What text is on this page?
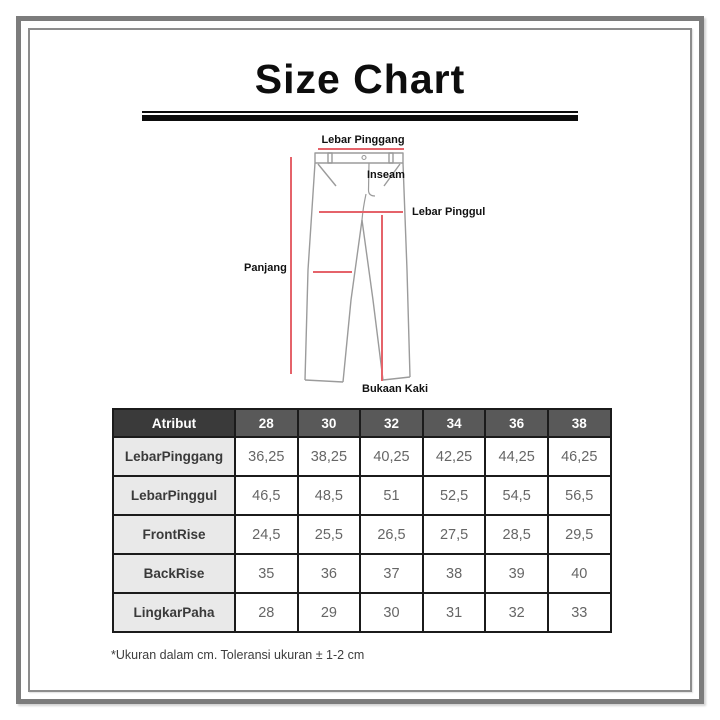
Size Chart
Lebar Pinggang
Inseam
Lebar Pinggul
Panjang
Bukaan Kaki
Atribut	28	30	32	34	36	38
LebarPinggang	36,25	38,25	40,25	42,25	44,25	46,25
LebarPinggul	46,5	48,5	51	52,5	54,5	56,5
FrontRise	24,5	25,5	26,5	27,5	28,5	29,5
BackRise	35	36	37	38	39	40
LingkarPaha	28	29	30	31	32	33
*Ukuran dalam cm. Toleransi ukuran ± 1-2 cm
